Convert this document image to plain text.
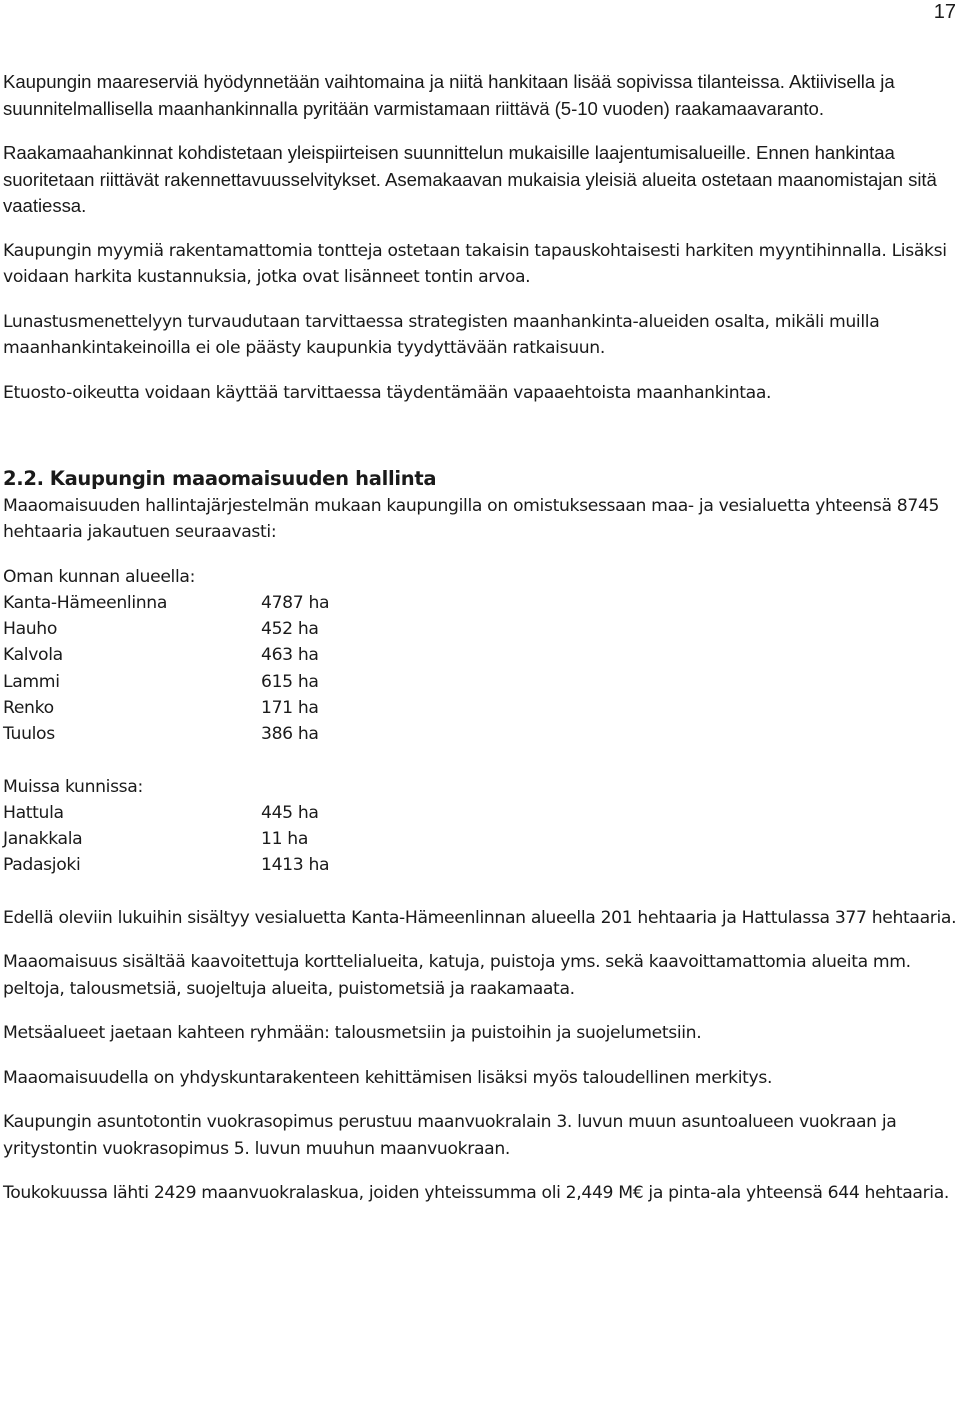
17

Kaupungin maareserviä hyödynnetään vaihtomaina ja niitä hankitaan lisää sopivissa tilanteissa. Aktiivisella ja suunnitelmallisella maanhankinnalla pyritään varmistamaan riittävä (5-10 vuoden) raakamaavaranto.

Raakamaahankinnat kohdistetaan yleispiirteisen suunnittelun mukaisille laajentumisalueille. Ennen hankintaa suoritetaan riittävät rakennettavuusselvitykset. Asemakaavan mukaisia yleisiä alueita ostetaan maanomistajan sitä vaatiessa.

Kaupungin myymiä rakentamattomia tontteja ostetaan takaisin tapauskohtaisesti harkiten myyntihinnalla. Lisäksi voidaan harkita kustannuksia, jotka ovat lisänneet tontin arvoa.

Lunastusmenettelyyn turvaudutaan tarvittaessa strategisten maanhankinta-alueiden osalta, mikäli muilla maanhankintakeinoilla ei ole päästy kaupunkia tyydyttävään ratkaisuun.

Etuosto-oikeutta voidaan käyttää tarvittaessa täydentämään vapaaehtoista maanhankintaa.

2.2. Kaupungin maaomaisuuden hallinta

Maaomaisuuden hallintajärjestelmän mukaan kaupungilla on omistuksessaan maa- ja vesialuetta yhteensä 8745 hehtaaria jakautuen seuraavasti:

Oman kunnan alueella:

Kanta-Hämeenlinna	4787 ha
Hauho	452 ha
Kalvola	463 ha
Lammi	615 ha
Renko	171 ha
Tuulos	386 ha

Muissa kunnissa:

Hattula	445 ha
Janakkala	11 ha
Padasjoki	1413 ha

Edellä oleviin lukuihin sisältyy vesialuetta Kanta-Hämeenlinnan alueella 201 hehtaaria ja Hattulassa 377 hehtaaria.

Maaomaisuus sisältää kaavoitettuja korttelialueita, katuja, puistoja yms. sekä kaavoittamattomia alueita mm. peltoja, talousmetsiä, suojeltuja alueita, puistometsiä ja raakamaata.

Metsäalueet jaetaan kahteen ryhmään: talousmetsiin ja puistoihin ja suojelumetsiin.

Maaomaisuudella on yhdyskuntarakenteen kehittämisen lisäksi myös taloudellinen merkitys.

Kaupungin asuntotontin vuokrasopimus perustuu maanvuokralain 3. luvun muun asuntoalueen vuokraan ja yritystontin vuokrasopimus 5. luvun muuhun maanvuokraan.

Toukokuussa lähti 2429 maanvuokralaskua, joiden yhteissumma oli 2,449 M€ ja pinta-ala yhteensä 644 hehtaaria.
